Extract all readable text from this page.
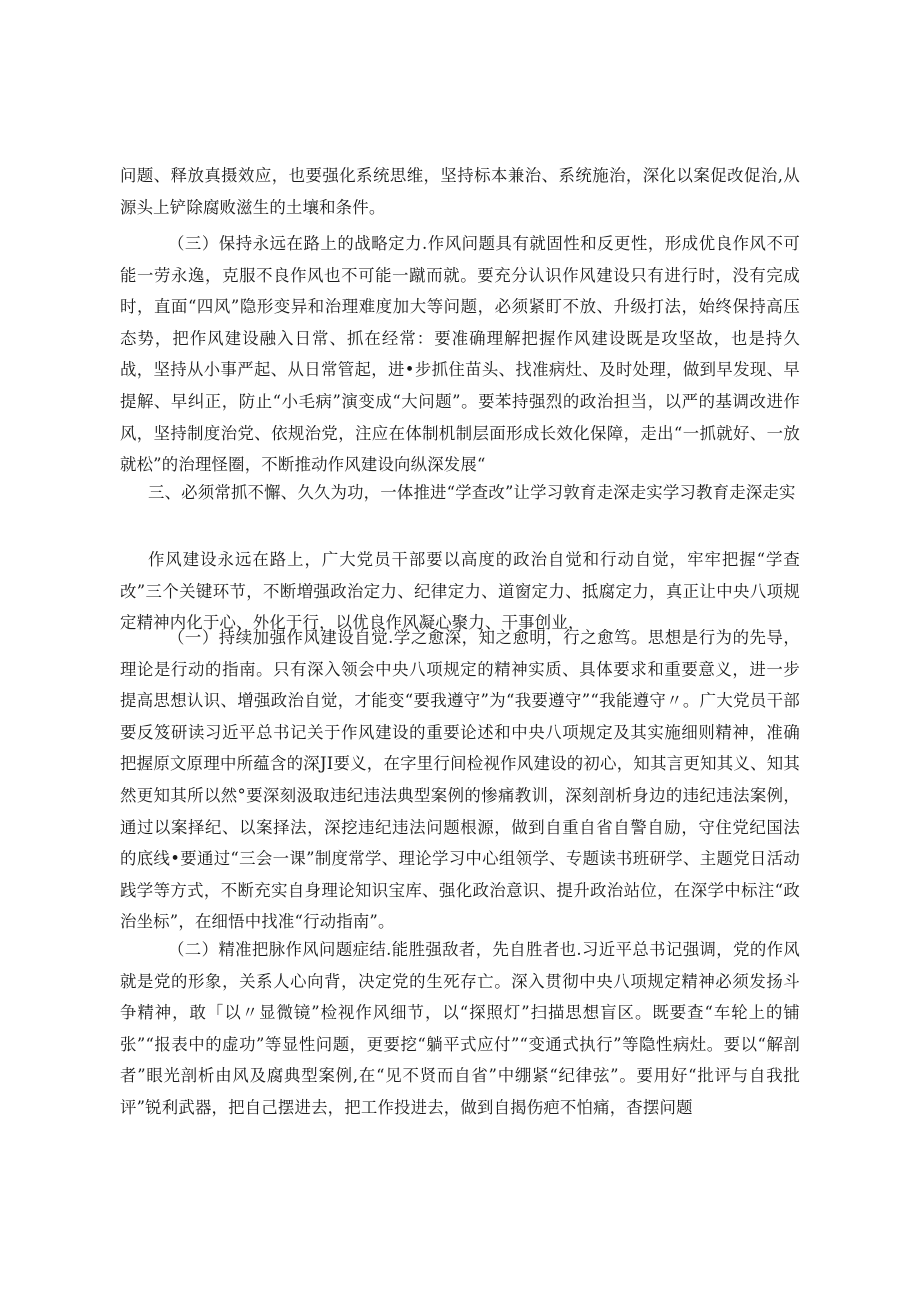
问题、释放真摄效应，也要强化系统思维，坚持标本兼治、系统施治，深化以案促改促治,从源头上铲除腐败滋生的土壤和条件。

（三）保持永远在路上的战略定力.作风问题具有就固性和反更性，形成优良作风不可能一劳永逸，克服不良作风也不可能一蹴而就。要充分认识作风建设只有进行时，没有完成时，直面“四风”隐形变异和治理难度加大等问题，必须紧盯不放、升级打法，始终保持高压态势，把作风建设融入日常、抓在经常：要准确理解把握作风建设既是攻坚故，也是持久战，坚持从小事严起、从日常管起，进•步抓住苗头、找准病灶、及时处理，做到早发现、早提解、早纠正，防止“小毛病”演变成“大问题”。要苯持强烈的政治担当，以严的基调改进作风，坚持制度治党、依规治党，注应在体制机制层面形成长效化保障，走出“一抓就好、一放就松”的治理怪圈，不断推动作风建设向纵深发展“

三、必须常抓不懈、久久为功，一体推进“学查改”让学习敦育走深走实学习教育走深走实

作风建设永远在路上，广大党员干部要以高度的政治自觉和行动自觉，牢牢把握“学查改”三个关键环节，不断増强政治定力、纪律定力、道窗定力、抵腐定力，真正让中央八项规定精神内化于心、外化于行，以优良作风凝心聚力、干事创业，

（一）持续加强作风建设自觉.学之愈深，知之愈明，行之愈笃。思想是行为的先导，理论是行动的指南。只有深入领会中央八项规定的精神实质、具体要求和重要意义，进一步提高思想认识、增强政治自觉，才能变“要我遵守”为“我要遵守”“我能遵守〃。广大党员干部要反笈研读习近平总书记关于作风建设的重要论述和中央八项规定及其实施细则精神，准确把握原文原理中所蕴含的深JI要义，在字里行间检视作风建设的初心，知其言更知其义、知其然更知其所以然°要深刻汲取违纪违法典型案例的惨痛教训，深刻剖析身边的违纪违法案例，通过以案择纪、以案择法，深挖违纪违法问题根源，做到自重自省自警自励，守住党纪国法的底线•要通过“三会一课”制度常学、理论学习中心组领学、专题读书班研学、主题党日活动践学等方式，不断充实自身理论知识宝库、强化政治意识、提升政治站位，在深学中标注“政治坐标”，在细悟中找准“行动指南”。

（二）精准把脉作风问题症结.能胜强敌者，先自胜者也.习近平总书记强调，党的作风就是党的形象，关系人心向背，决定党的生死存亡。深入贯彻中央八项规定精神必须发扬斗争精神，敢「以〃显微镜”检视作风细节，以“探照灯”扫描思想盲区。既要查“车轮上的铺张”“报表中的虚功”等显性问题，更要挖“躺平式应付”“变通式执行”等隐性病灶。要以“解剖者”眼光剖析由风及腐典型案例,在“见不贤而自省”中绷紧“纪律弦”。要用好“批评与自我批评”锐利武器，把自己摆进去，把工作投进去，做到自揭伤疤不怕痛，杳摆问题
